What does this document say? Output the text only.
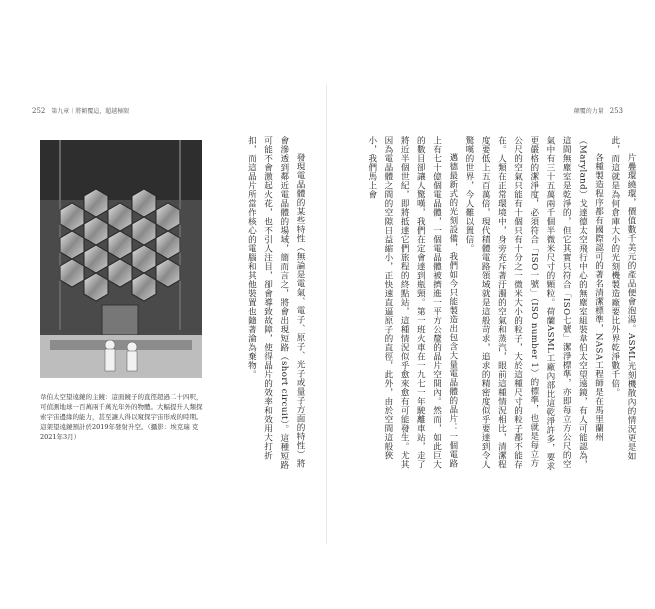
252 第九章｜將顛覆這，超越極限
韋伯太空望遠鏡的主鏡：這面鏡子的直徑超過二十四呎，可偵測地球一百萬兩千萬光年外的物體。大幅提升人類探索宇宙邊緣的能力，甚至讓人得以窺探宇宙形成的時期。這架望遠鏡預計於2019年發射升空。（攝影：埃克瑞 克2021年3月）	發現電晶體的某些特性（無論是電氣、電子、原子、光子或量子方面的特性）將會滲透到鄰近電晶體的場域，簡而言之，將會出現短路（short circuit）。這種短路可能不會激起火花，也不引人注目，卻會導致故障，使得晶片的效率和效用大打折扣，而這晶片所當作核心的電腦和其他裝置也隨著淪為棄物。

顛覆的力量 253

片疊環繞環，價值數千美元的產品便會泡湯。ASML光刻機散內的情況更是如此，而這就是為何倉庫大小的光刻機製造廠要比外界乾淨數千倍。

各種製造程序都有國際認可的著名清潔標準，NASA工程師是在馬里蘭州（Maryland）戈達德太空飛行中心的無塵室組裝韋伯太空望遠鏡，有人可能認為，這間無塵室是乾淨的，但它其實只符合「ISO七號」潔淨標準，亦即每立方公尺的空氣中有三十五萬兩千個半微米尺寸的顆粒。荷蘭ASML工廠內部比這乾淨許多，要求更嚴格的潔淨度，必須符合「ISO一號」（ISO number 1）的標準，也就是每立方公尺的空氣只能有十個只有十分之一微米大小的粒子，大於這種尺寸的粒子都不能存在。人類在正常環境中，身旁充斥著汙濁的空氣和蒸汽，眼前這種情況相比，清潔程度要低上五百萬倍，現代積體電路領域就是這般苛求，追求的精密度似乎要達到令人驚嘆的世界，今人難以置信。

邁德最新式的光刻設備，我們如今只能製造出包含大量電晶體的晶片：一個電路上有七十億個電晶體，一個電晶體被擠進一平方公釐的晶片空間內。然而，如此巨大的數目卻讓人驚嘆，我們在定會達到瓶頸。第一班火車在一九七一年駛離車站，走了將近半個世紀，即將抵達它們旅程的終點站，這種情況似乎愈來愈有可能發生。尤其因為電晶體之間的空隙日益縮小，正快速直逼原子的直徑，此外，由於空間這般狹小，我們馬上會
